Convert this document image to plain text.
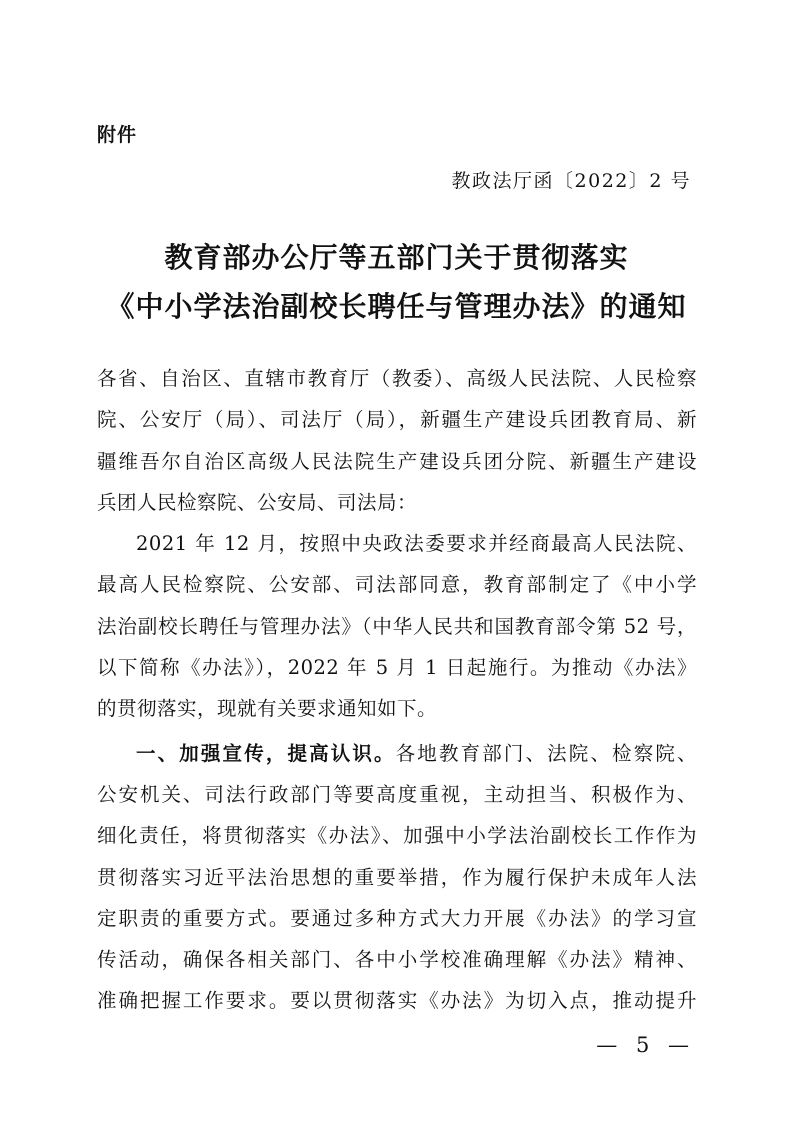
附件
教政法厅函〔2022〕2 号
教育部办公厅等五部门关于贯彻落实
《中小学法治副校长聘任与管理办法》的通知
各省、自治区、直辖市教育厅（教委）、高级人民法院、人民检察
院、公安厅（局）、司法厅（局），新疆生产建设兵团教育局、新
疆维吾尔自治区高级人民法院生产建设兵团分院、新疆生产建设
兵团人民检察院、公安局、司法局：
2021 年 12 月，按照中央政法委要求并经商最高人民法院、
最高人民检察院、公安部、司法部同意，教育部制定了《中小学
法治副校长聘任与管理办法》（中华人民共和国教育部令第 52 号，
以下简称《办法》），2022 年 5 月 1 日起施行。为推动《办法》
的贯彻落实，现就有关要求通知如下。
一、加强宣传，提高认识。各地教育部门、法院、检察院、
公安机关、司法行政部门等要高度重视，主动担当、积极作为、
细化责任，将贯彻落实《办法》、加强中小学法治副校长工作作为
贯彻落实习近平法治思想的重要举措，作为履行保护未成年人法
定职责的重要方式。要通过多种方式大力开展《办法》的学习宣
传活动，确保各相关部门、各中小学校准确理解《办法》精神、
准确把握工作要求。要以贯彻落实《办法》为切入点，推动提升
— 5 —
